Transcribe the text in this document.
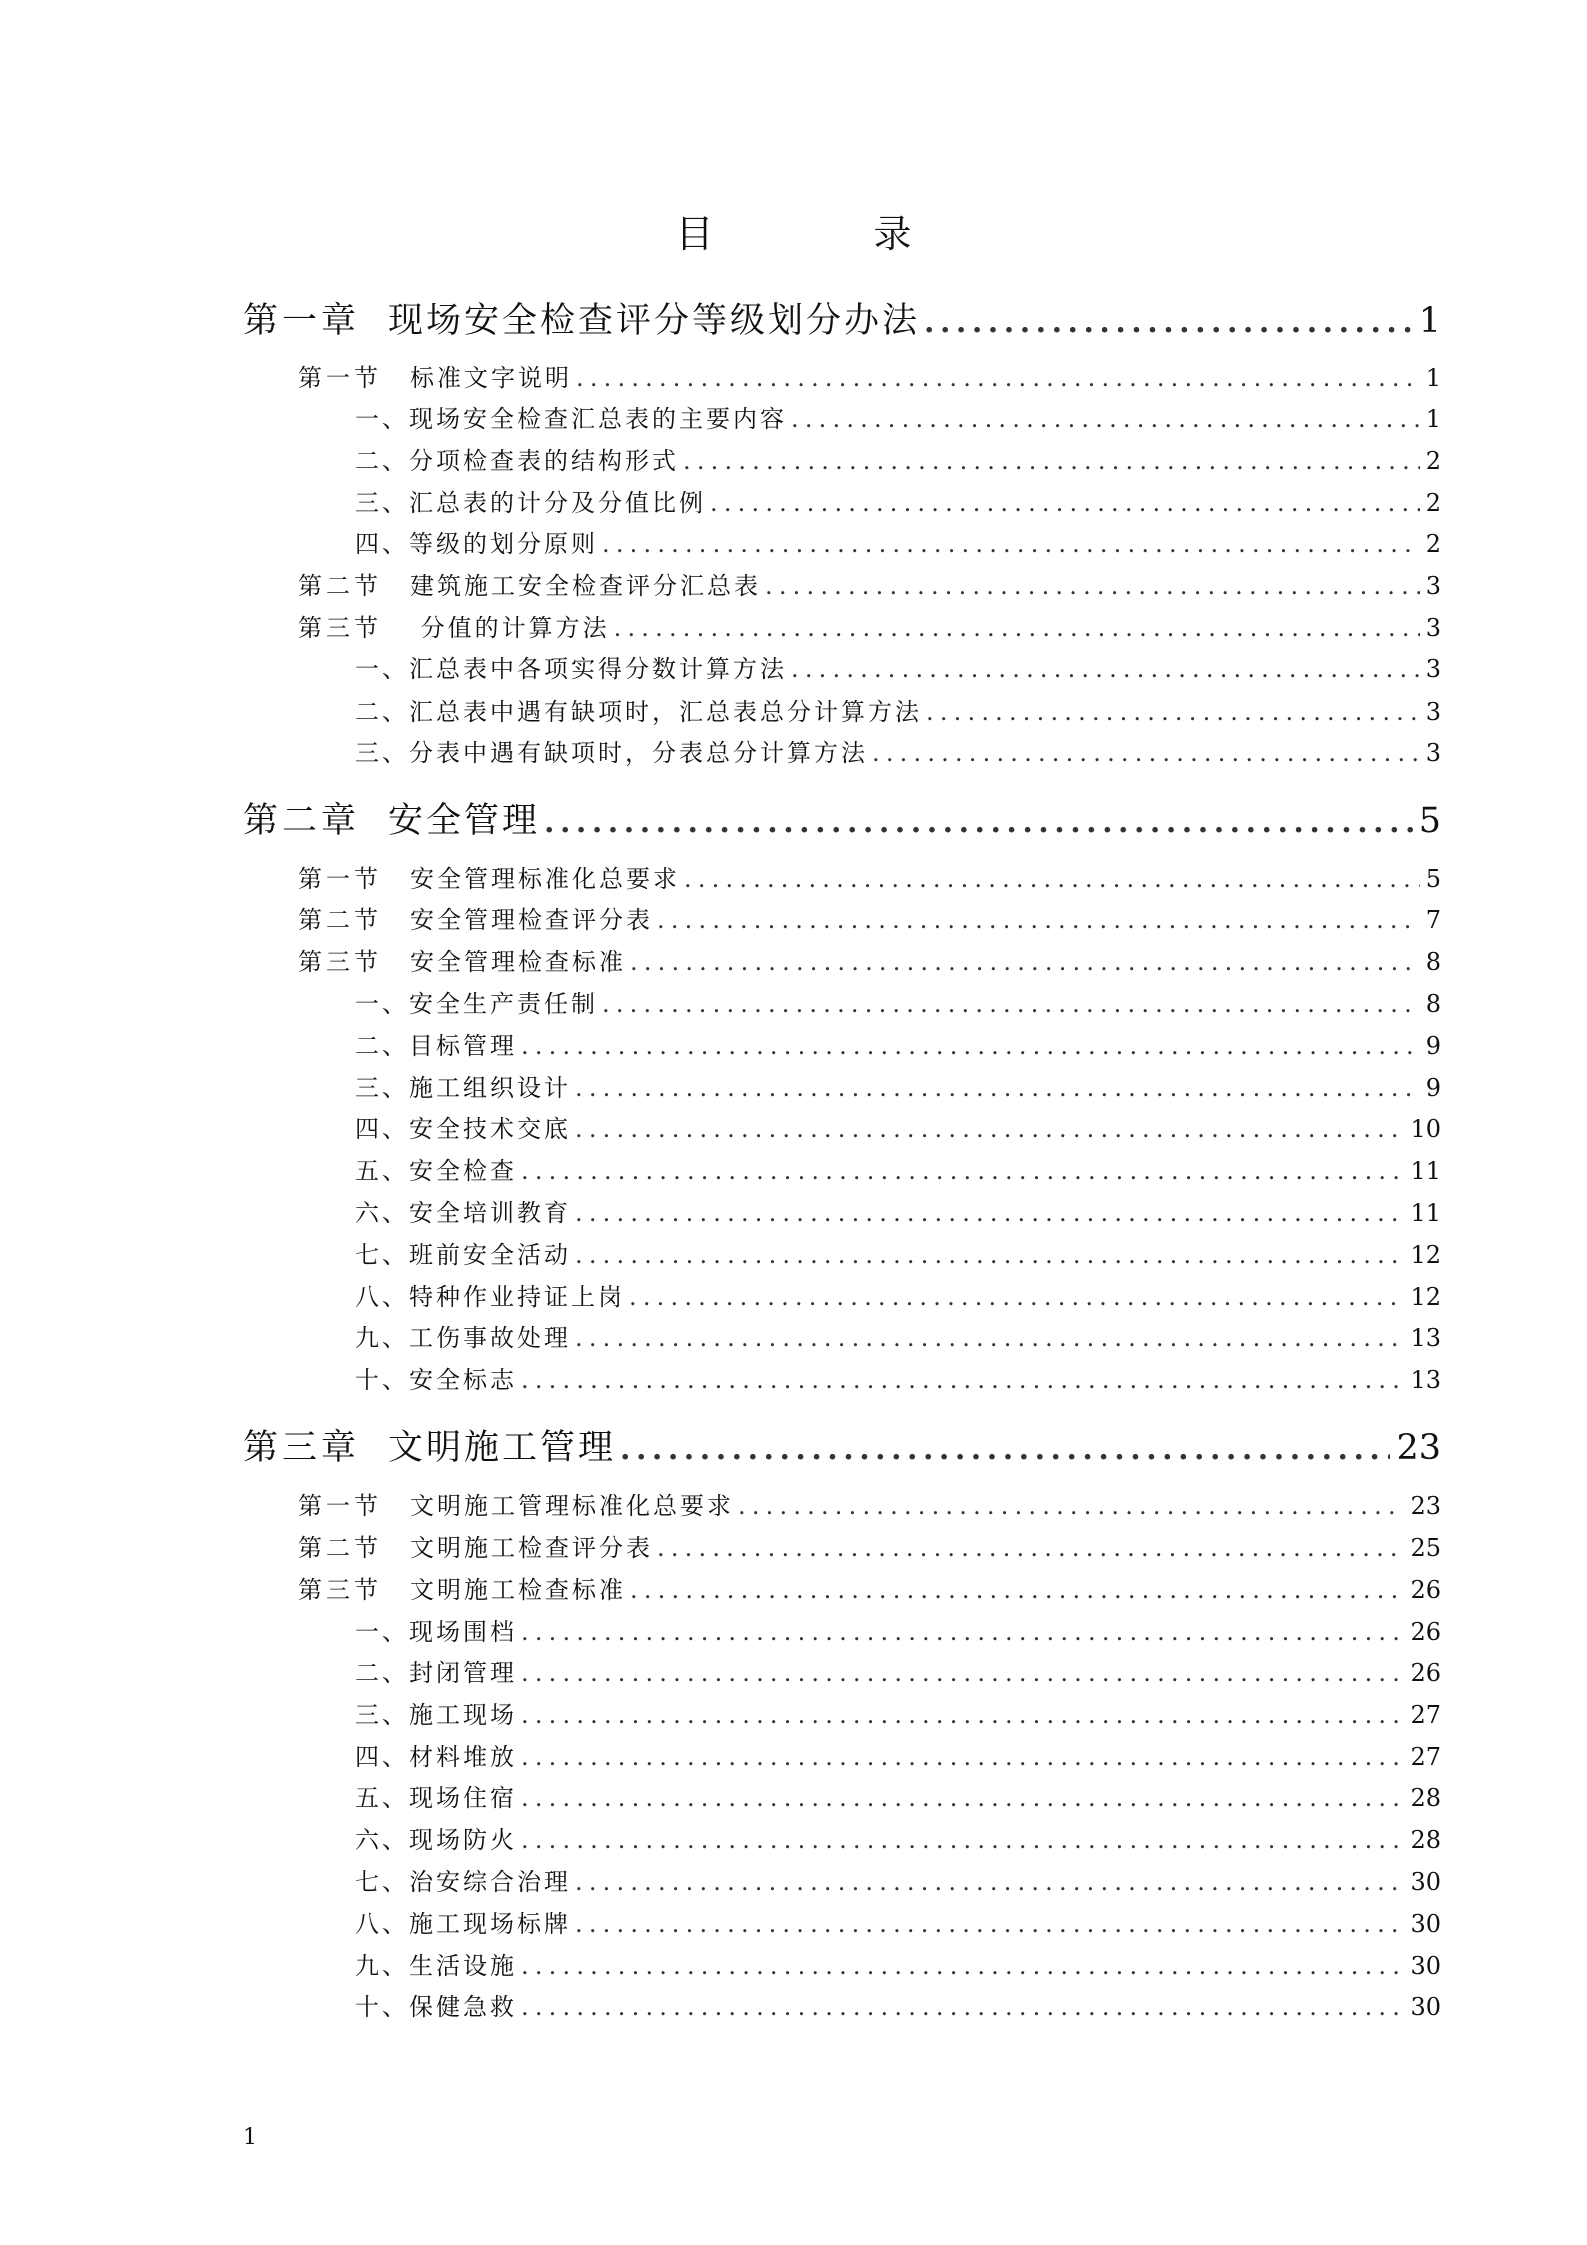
目	录
第一章 现场安全检查评分等级划分办法 .....	1
第一节 标准文字说明 .....	1
一、现场安全检查汇总表的主要内容 .....	1
二、分项检查表的结构形式 .....	2
三、汇总表的计分及分值比例 .....	2
四、等级的划分原则 .....	2
第二节 建筑施工安全检查评分汇总表 .....	3
第三节 分值的计算方法 .....	3
一、汇总表中各项实得分数计算方法 .....	3
二、汇总表中遇有缺项时，汇总表总分计算方法 .....	3
三、分表中遇有缺项时，分表总分计算方法 .....	3
第二章 安全管理 .....	5
第一节 安全管理标准化总要求 .....	5
第二节 安全管理检查评分表 .....	7
第三节 安全管理检查标准 .....	8
一、安全生产责任制 .....	8
二、目标管理 .....	9
三、施工组织设计 .....	9
四、安全技术交底 .....	10
五、安全检查 .....	11
六、安全培训教育 .....	11
七、班前安全活动 .....	12
八、特种作业持证上岗 .....	12
九、工伤事故处理 .....	13
十、安全标志 .....	13
第三章 文明施工管理 .....	23
第一节 文明施工管理标准化总要求 .....	23
第二节 文明施工检查评分表 .....	25
第三节 文明施工检查标准 .....	26
一、现场围档 .....	26
二、封闭管理 .....	26
三、施工现场 .....	27
四、材料堆放 .....	27
五、现场住宿 .....	28
六、现场防火 .....	28
七、治安综合治理 .....	30
八、施工现场标牌 .....	30
九、生活设施 .....	30
十、保健急救 .....	30
1
